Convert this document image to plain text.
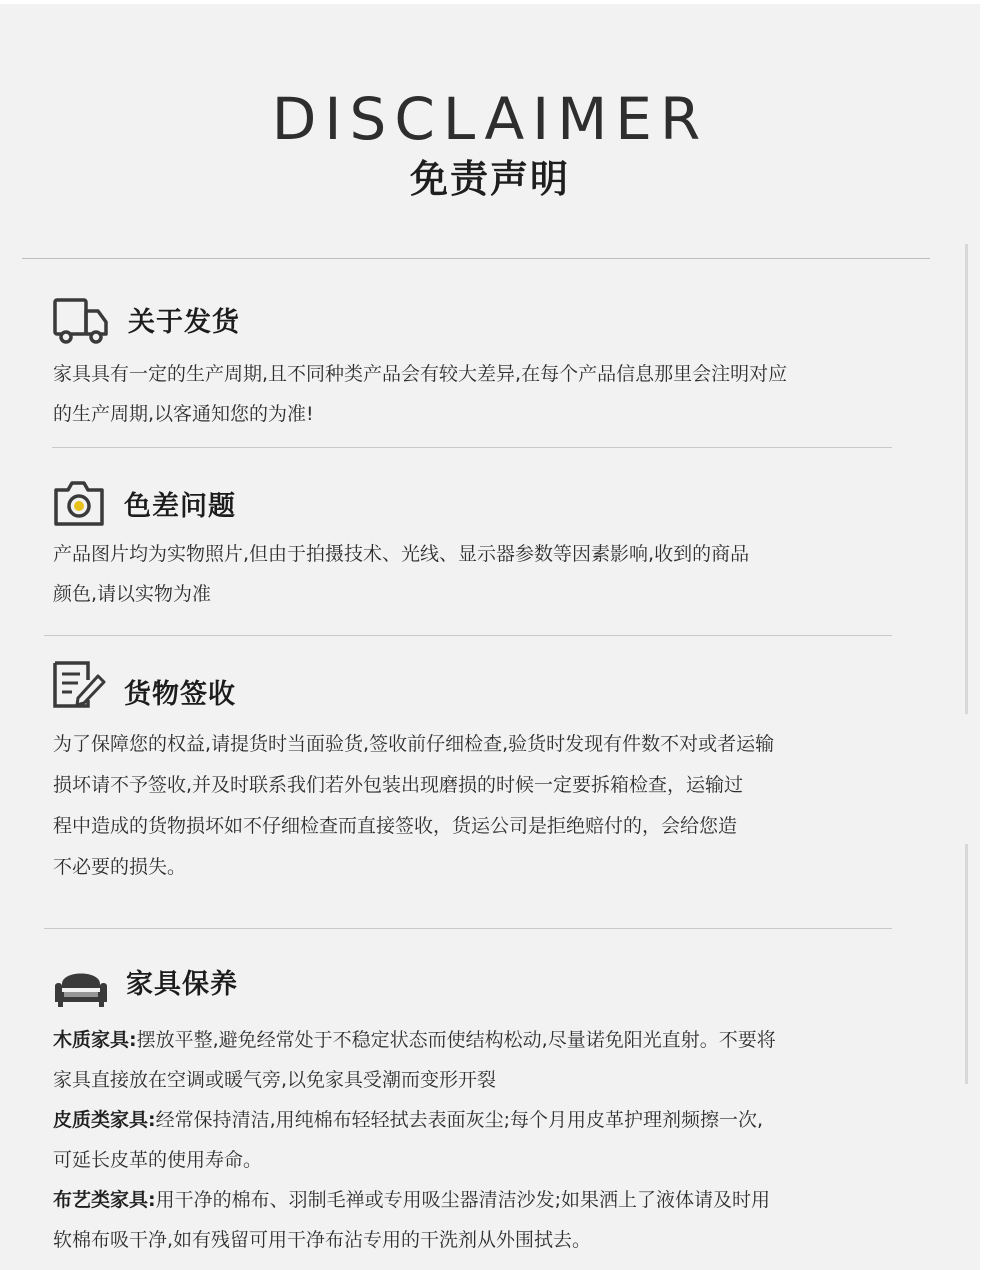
DISCLAIMER
免责声明
关于发货
家具具有一定的生产周期,且不同种类产品会有较大差异,在每个产品信息那里会注明对应
的生产周期,以客通知您的为准!
色差问题
产品图片均为实物照片,但由于拍摄技术、光线、显示器参数等因素影响,收到的商品
颜色,请以实物为准
货物签收
为了保障您的权益,请提货时当面验货,签收前仔细检查,验货时发现有件数不对或者运输
损坏请不予签收,并及时联系我们若外包装出现磨损的时候一定要拆箱检查，运输过
程中造成的货物损坏如不仔细检查而直接签收，货运公司是拒绝赔付的，会给您造
不必要的损失。
家具保养
木质家具:摆放平整,避免经常处于不稳定状态而使结构松动,尽量诺免阳光直射。不要将
家具直接放在空调或暖气旁,以免家具受潮而变形开裂
皮质类家具:经常保持清洁,用纯棉布轻轻拭去表面灰尘;每个月用皮革护理剂频擦一次,
可延长皮革的使用寿命。
布艺类家具:用干净的棉布、羽制毛禅或专用吸尘器清洁沙发;如果洒上了液体请及时用
软棉布吸干净,如有残留可用干净布沾专用的干洗剂从外围拭去。
